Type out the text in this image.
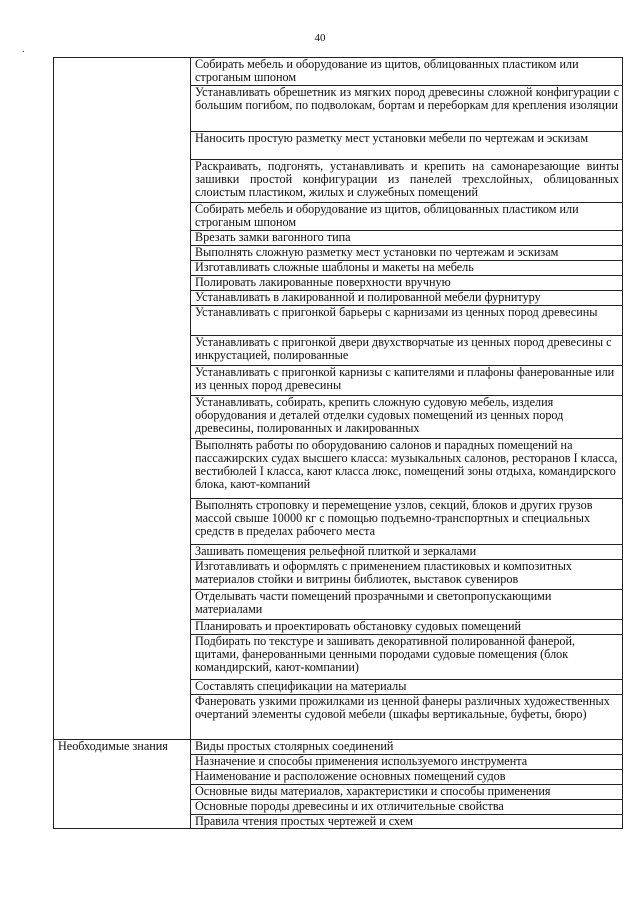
40
.
	Собирать мебель и оборудование из щитов, облицованных пластиком или строганым шпоном
	Устанавливать обрешетник из мягких пород древесины сложной конфигурации с большим погибом, по подволокам, бортам и переборкам для крепления изоляции
	Наносить простую разметку мест установки мебели по чертежам и эскизам
	Раскраивать, подгонять, устанавливать и крепить на самонарезающие винты зашивки простой конфигурации из панелей трехслойных, облицованных слоистым пластиком, жилых и служебных помещений
	Собирать мебель и оборудование из щитов, облицованных пластиком или строганым шпоном
	Врезать замки вагонного типа
	Выполнять сложную разметку мест установки по чертежам и эскизам
	Изготавливать сложные шаблоны и макеты на мебель
	Полировать лакированные поверхности вручную
	Устанавливать в лакированной и полированной мебели фурнитуру
	Устанавливать с пригонкой барьеры с карнизами из ценных пород древесины
	Устанавливать с пригонкой двери двухстворчатые из ценных пород древесины с инкрустацией, полированные
	Устанавливать с пригонкой карнизы с капителями и плафоны фанерованные или из ценных пород древесины
	Устанавливать, собирать, крепить сложную судовую мебель, изделия оборудования и деталей отделки судовых помещений из ценных пород древесины, полированных и лакированных
	Выполнять работы по оборудованию салонов и парадных помещений на пассажирских судах высшего класса: музыкальных салонов, ресторанов I класса, вестибюлей I класса, кают класса люкс, помещений зоны отдыха, командирского блока, кают-компаний
	Выполнять строповку и перемещение узлов, секций, блоков и других грузов массой свыше 10000 кг с помощью подъемно-транспортных и специальных средств в пределах рабочего места
	Зашивать помещения рельефной плиткой и зеркалами
	Изготавливать и оформлять с применением пластиковых и композитных материалов стойки и витрины библиотек, выставок сувениров
	Отделывать части помещений прозрачными и светопропускающими материалами
	Планировать и проектировать обстановку судовых помещений
	Подбирать по текстуре и зашивать декоративной полированной фанерой, щитами, фанерованными ценными породами судовые помещения (блок командирский, кают-компании)
	Составлять спецификации на материалы
	Фанеровать узкими прожилками из ценной фанеры различных художественных очертаний элементы судовой мебели (шкафы вертикальные, буфеты, бюро)
Необходимые знания	Виды простых столярных соединений
	Назначение и способы применения используемого инструмента
	Наименование и расположение основных помещений судов
	Основные виды материалов, характеристики и способы применения
	Основные породы древесины и их отличительные свойства
	Правила чтения простых чертежей и схем
